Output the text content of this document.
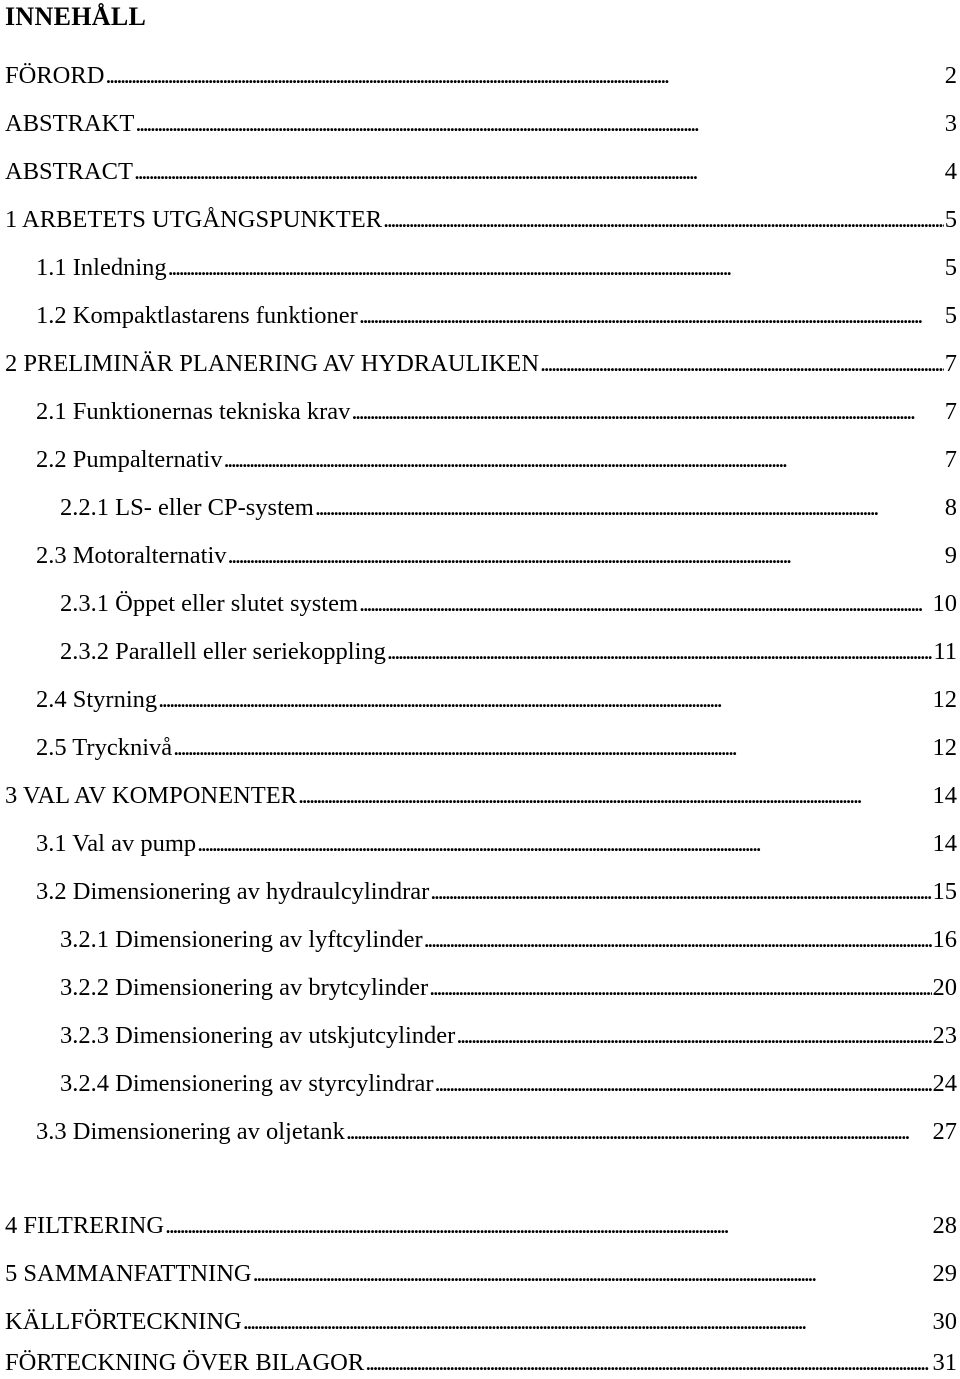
INNEHÅLL
FÖRORD . . .	2
ABSTRAKT . . .	3
ABSTRACT . . .	4
1 ARBETETS UTGÅNGSPUNKTER . . .	5
1.1 Inledning . . .	5
1.2 Kompaktlastarens funktioner . . .	5
2 PRELIMINÄR PLANERING AV HYDRAULIKEN . . .	7
2.1 Funktionernas tekniska krav . . .	7
2.2 Pumpalternativ . . .	7
2.2.1 LS- eller CP-system . . .	8
2.3 Motoralternativ . . .	9
2.3.1 Öppet eller slutet system . . .	10
2.3.2 Parallell eller seriekoppling . . .	11
2.4 Styrning . . .	12
2.5 Trycknivå . . .	12
3 VAL AV KOMPONENTER . . .	14
3.1 Val av pump . . .	14
3.2 Dimensionering av hydraulcylindrar . . .	15
3.2.1 Dimensionering av lyftcylinder . . .	16
3.2.2 Dimensionering av brytcylinder . . .	20
3.2.3 Dimensionering av utskjutcylinder . . .	23
3.2.4 Dimensionering av styrcylindrar . . .	24
3.3 Dimensionering av oljetank . . .	27
4 FILTRERING . . .	28
5 SAMMANFATTNING . . .	29
KÄLLFÖRTECKNING . . .	30
FÖRTECKNING ÖVER BILAGOR . . .	31
